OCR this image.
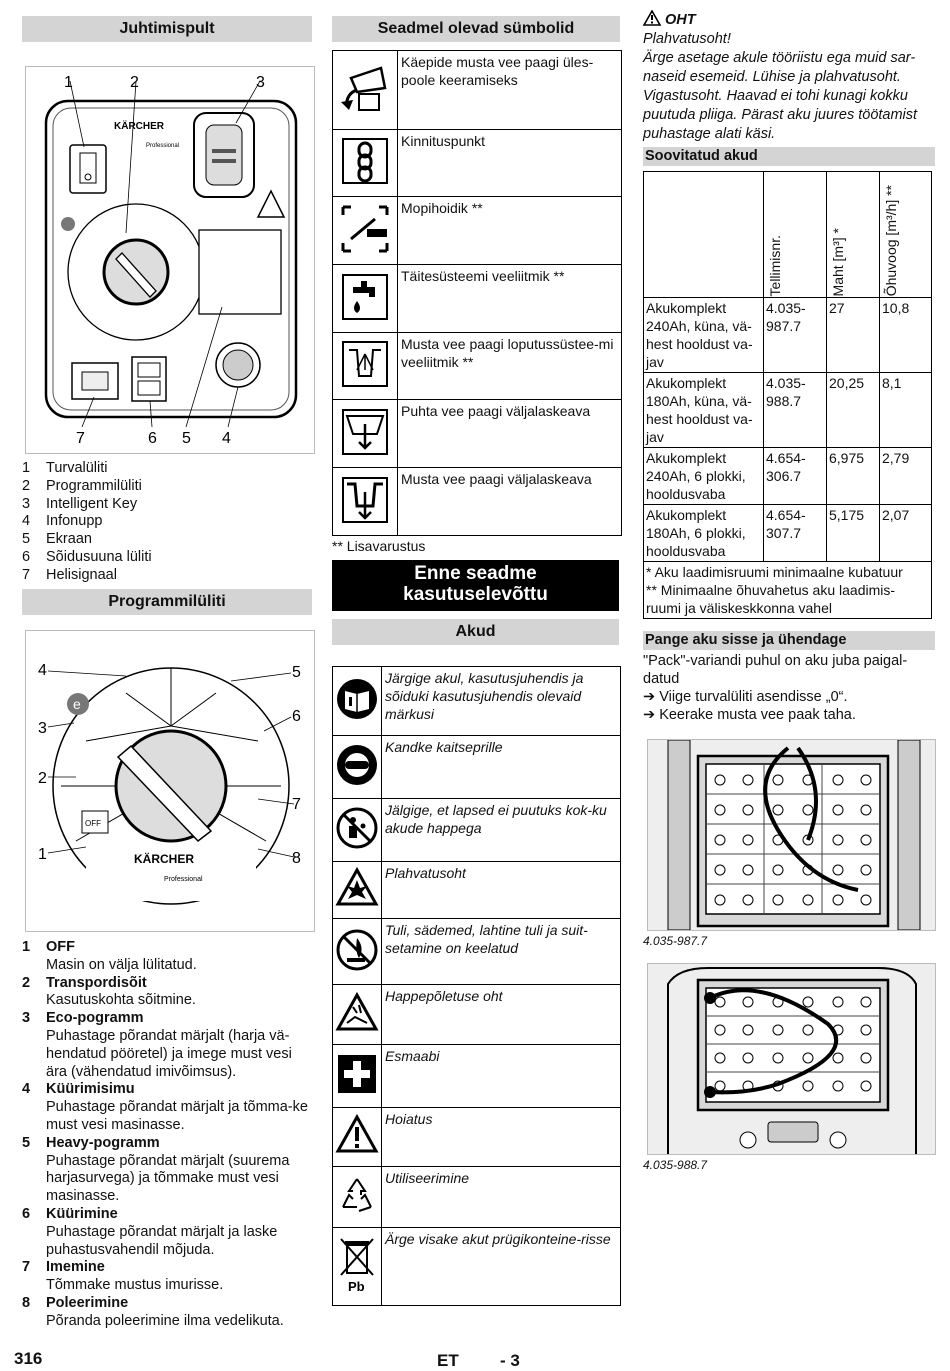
Juhtimispult
KÄRCHER
Professional
1	2	3
7	6 5 4
1 Turvalüliti
2 Programmilüliti
3 Intelligent Key
4 Infonupp
5 Ekraan
6 Sõidusuuna lüliti
7 Helisignaal
Programmilüliti
e
OFF
KÄRCHER
Professional
4	5
3
6
2
7
1	8
1 OFF
Masin on välja lülitatud.
2 Transpordisõit
Kasutuskohta sõitmine.
3 Eco-pogramm
Puhastage põrandat märjalt (harja vä-hendatud pööretel) ja imege must vesi ära (vähendatud imivõimsus).
4 Küürimisimu
Puhastage põrandat märjalt ja tõmma-ke must vesi masinasse.
5 Heavy-pogramm
Puhastage põrandat märjalt (suurema harjasurvega) ja tõmmake must vesi masinasse.
6 Küürimine
Puhastage põrandat märjalt ja laske puhastusvahendil mõjuda.
7 Imemine
Tõmmake mustus imurisse.
8 Poleerimine
Põranda poleerimine ilma vedelikuta.
Seadmel olevad sümbolid
	Käepide musta vee paagi üles-poole keeramiseks
	Kinnituspunkt
	Mopihoidik **
	Täitesüsteemi veeliitmik **
	Musta vee paagi loputussüstee-mi veeliitmik **
	Puhta vee paagi väljalaskeava
	Musta vee paagi väljalaskeava
** Lisavarustus
Enne seadme
kasutuselevõttu
Akud
	Järgige akul, kasutusjuhendis ja sõiduki kasutusjuhendis olevaid märkusi
	Kandke kaitseprille
	Jälgige, et lapsed ei puutuks kok-ku akude happega
	Plahvatusoht
	Tuli, sädemed, lahtine tuli ja suit-setamine on keelatud
	Happepõletuse oht
	Esmaabi
	Hoiatus
	Utiliseerimine

Pb	Ärge visake akut prügikonteine-risse
OHT
Plahvatusoht!
Ärge asetage akule tööriistu ega muid sar-naseid esemeid. Lühise ja plahvatusoht. Vigastusoht. Haavad ei tohi kunagi kokku puutuda pliiga. Pärast aku juures töötamist puhastage alati käsi.
Soovitatud akud

	Tellimisnr.	Maht [m³] *	Õhuvoog [m³/h] **

Akukomplekt 240Ah, küna, vä-hest hooldust va-jav	4.035-987.7	27	10,8
Akukomplekt 180Ah, küna, vä-hest hooldust va-jav	4.035-988.7	20,25	8,1
Akukomplekt 240Ah, 6 plokki, hooldusvaba	4.654-306.7	6,975	2,79
Akukomplekt 180Ah, 6 plokki, hooldusvaba	4.654-307.7	5,175	2,07

* Aku laadimisruumi minimaalne kubatuur
** Minimaalne õhuvahetus aku laadimis-ruumi ja väliskeskkonna vahel			
Pange aku sisse ja ühendage
"Pack"-variandi puhul on aku juba paigal-datud
➔ Viige turvalüliti asendisse „0“.
➔ Keerake musta vee paak taha.
4.035-987.7
4.035-988.7
316	ET - 3
